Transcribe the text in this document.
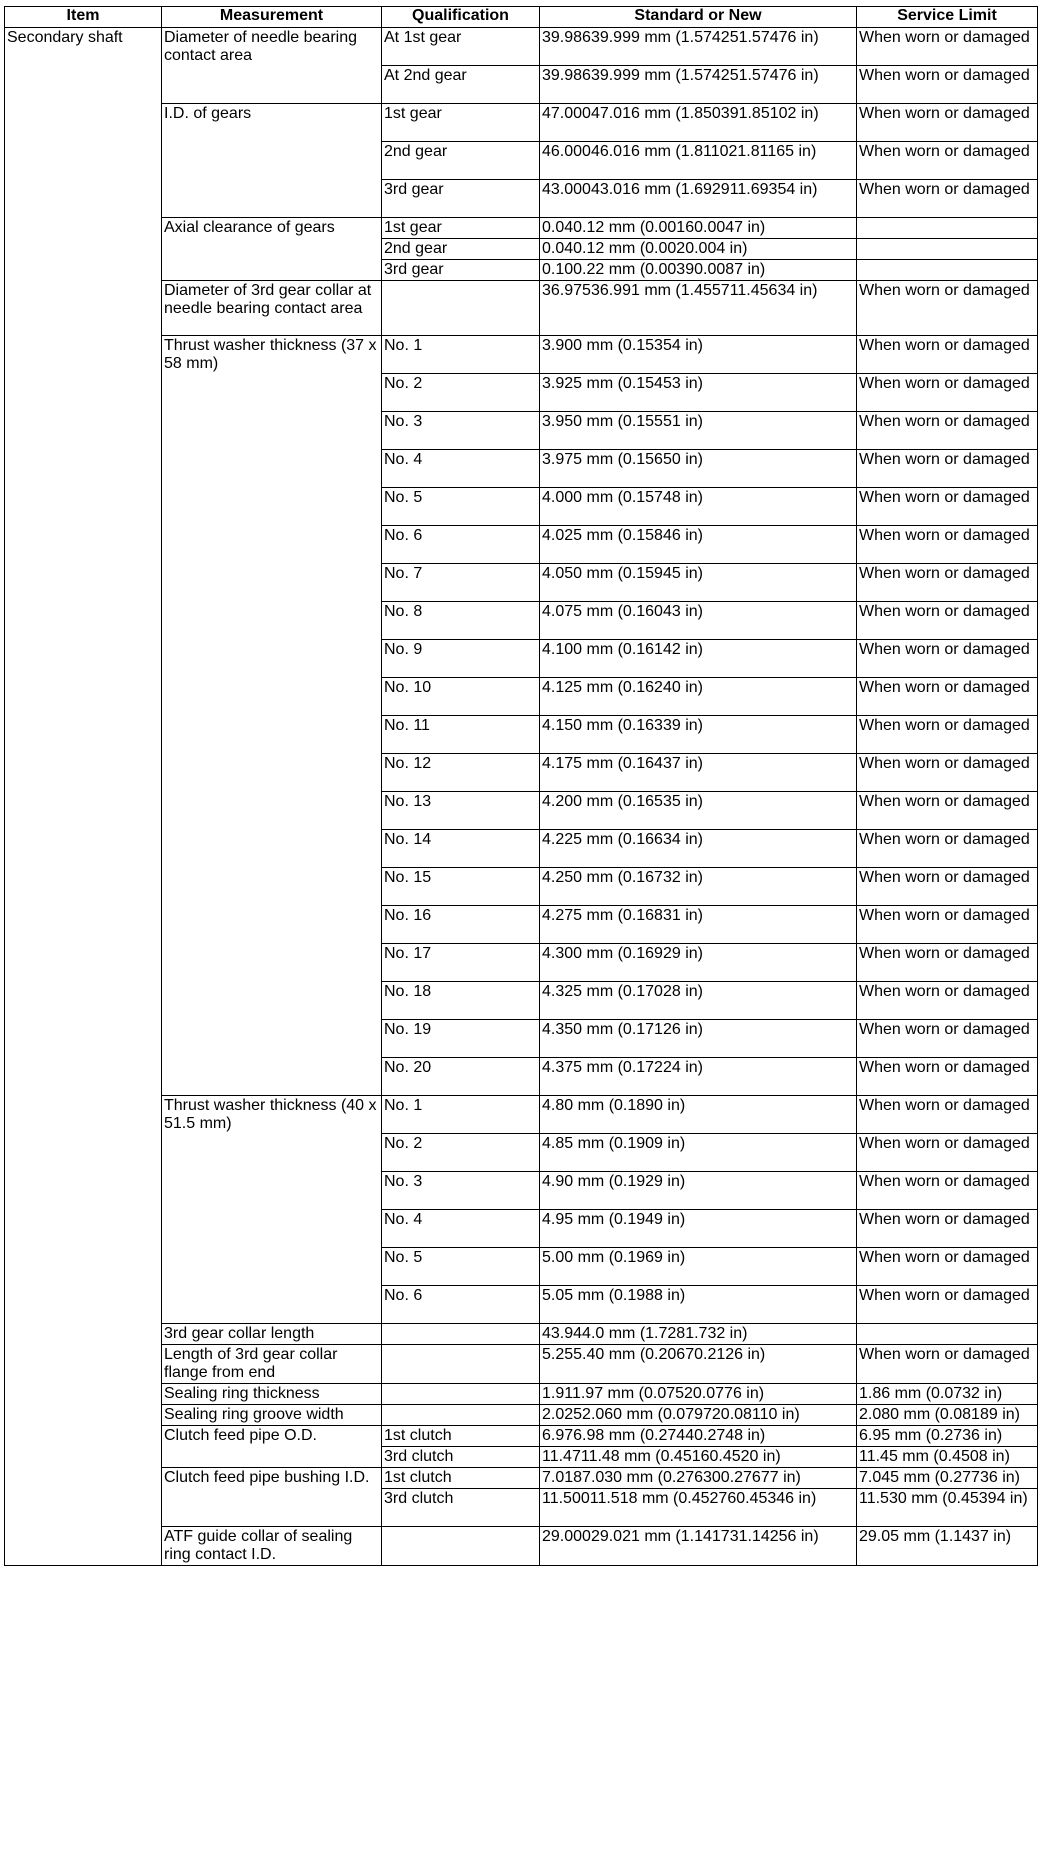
Item	Measurement	Qualification	Standard or New	Service Limit
Secondary shaft	Diameter of needle bearing contact area	At 1st gear	39.98639.999 mm (1.574251.57476 in)	When worn or damaged
		At 2nd gear	39.98639.999 mm (1.574251.57476 in)	When worn or damaged
	I.D. of gears	1st gear	47.00047.016 mm (1.850391.85102 in)	When worn or damaged
		2nd gear	46.00046.016 mm (1.811021.81165 in)	When worn or damaged
		3rd gear	43.00043.016 mm (1.692911.69354 in)	When worn or damaged
	Axial clearance of gears	1st gear	0.040.12 mm (0.00160.0047 in)	
		2nd gear	0.040.12 mm (0.0020.004 in)	
		3rd gear	0.100.22 mm (0.00390.0087 in)	
	Diameter of 3rd gear collar at needle bearing contact area		36.97536.991 mm (1.455711.45634 in)	When worn or damaged
	Thrust washer thickness (37 x 58 mm)	No. 1	3.900 mm (0.15354 in)	When worn or damaged
		No. 2	3.925 mm (0.15453 in)	When worn or damaged
		No. 3	3.950 mm (0.15551 in)	When worn or damaged
		No. 4	3.975 mm (0.15650 in)	When worn or damaged
		No. 5	4.000 mm (0.15748 in)	When worn or damaged
		No. 6	4.025 mm (0.15846 in)	When worn or damaged
		No. 7	4.050 mm (0.15945 in)	When worn or damaged
		No. 8	4.075 mm (0.16043 in)	When worn or damaged
		No. 9	4.100 mm (0.16142 in)	When worn or damaged
		No. 10	4.125 mm (0.16240 in)	When worn or damaged
		No. 11	4.150 mm (0.16339 in)	When worn or damaged
		No. 12	4.175 mm (0.16437 in)	When worn or damaged
		No. 13	4.200 mm (0.16535 in)	When worn or damaged
		No. 14	4.225 mm (0.16634 in)	When worn or damaged
		No. 15	4.250 mm (0.16732 in)	When worn or damaged
		No. 16	4.275 mm (0.16831 in)	When worn or damaged
		No. 17	4.300 mm (0.16929 in)	When worn or damaged
		No. 18	4.325 mm (0.17028 in)	When worn or damaged
		No. 19	4.350 mm (0.17126 in)	When worn or damaged
		No. 20	4.375 mm (0.17224 in)	When worn or damaged
	Thrust washer thickness (40 x 51.5 mm)	No. 1	4.80 mm (0.1890 in)	When worn or damaged
		No. 2	4.85 mm (0.1909 in)	When worn or damaged
		No. 3	4.90 mm (0.1929 in)	When worn or damaged
		No. 4	4.95 mm (0.1949 in)	When worn or damaged
		No. 5	5.00 mm (0.1969 in)	When worn or damaged
		No. 6	5.05 mm (0.1988 in)	When worn or damaged
	3rd gear collar length		43.944.0 mm (1.7281.732 in)	
	Length of 3rd gear collar flange from end		5.255.40 mm (0.20670.2126 in)	When worn or damaged
	Sealing ring thickness		1.911.97 mm (0.07520.0776 in)	1.86 mm (0.0732 in)
	Sealing ring groove width		2.0252.060 mm (0.079720.08110 in)	2.080 mm (0.08189 in)
	Clutch feed pipe O.D.	1st clutch	6.976.98 mm (0.27440.2748 in)	6.95 mm (0.2736 in)
		3rd clutch	11.4711.48 mm (0.45160.4520 in)	11.45 mm (0.4508 in)
	Clutch feed pipe bushing I.D.	1st clutch	7.0187.030 mm (0.276300.27677 in)	7.045 mm (0.27736 in)
		3rd clutch	11.50011.518 mm (0.452760.45346 in)	11.530 mm (0.45394 in)
	ATF guide collar of sealing ring contact I.D.		29.00029.021 mm (1.141731.14256 in)	29.05 mm (1.1437 in)
